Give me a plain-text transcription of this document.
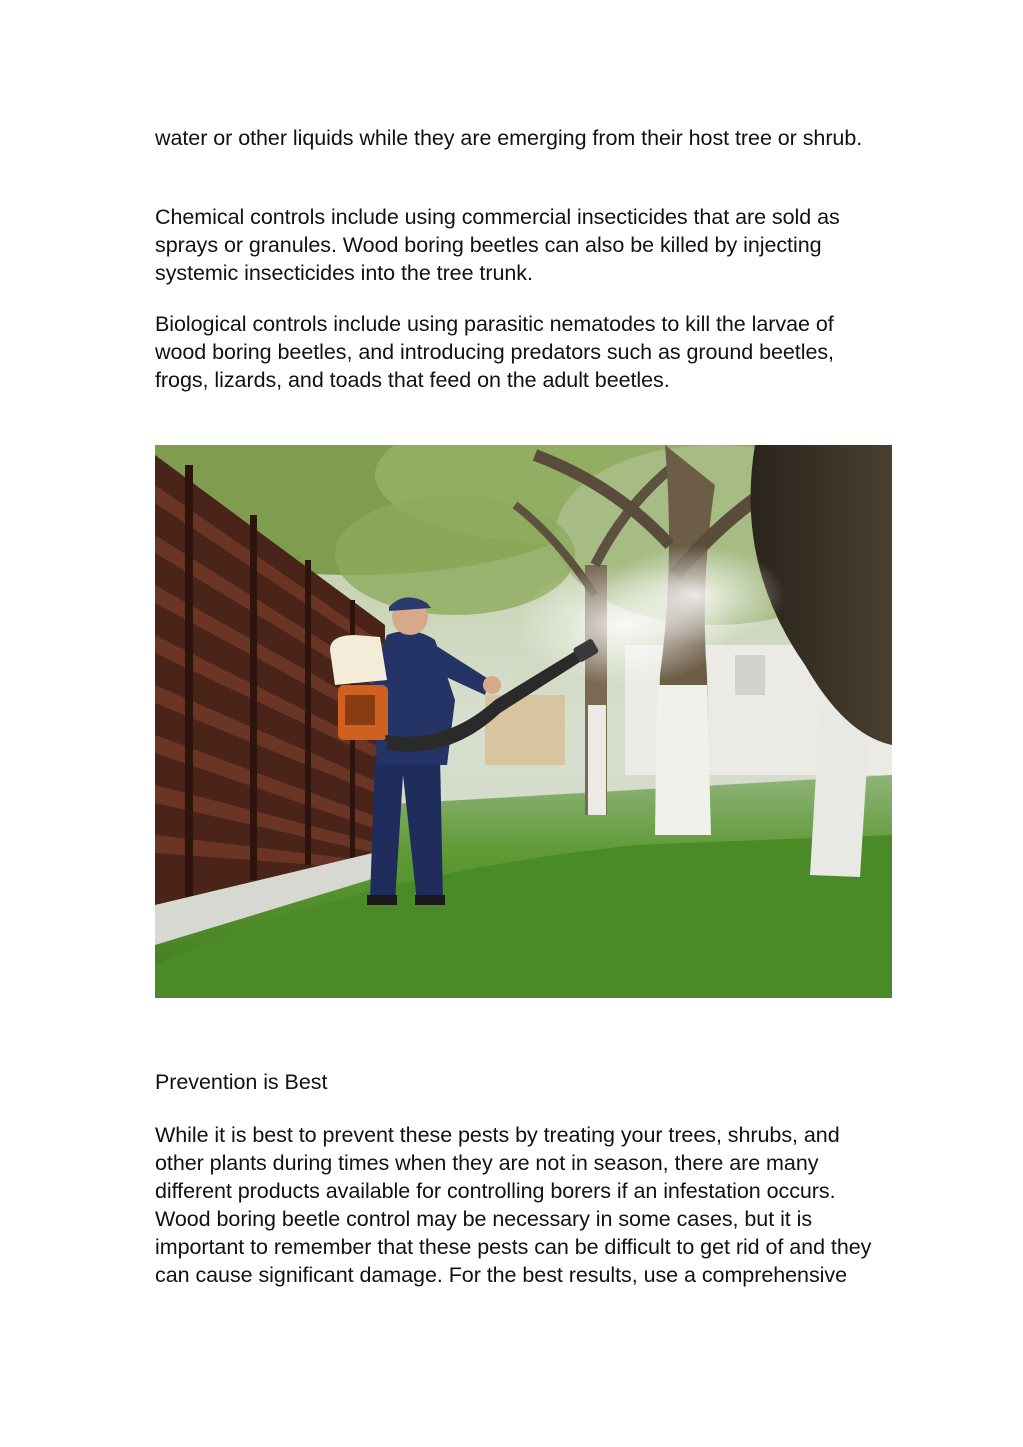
water or other liquids while they are emerging from their host tree or shrub.

Chemical controls include using commercial insecticides that are sold as sprays or granules. Wood boring beetles can also be killed by injecting systemic insecticides into the tree trunk.

Biological controls include using parasitic nematodes to kill the larvae of wood boring beetles, and introducing predators such as ground beetles, frogs, lizards, and toads that feed on the adult beetles.

Prevention is Best

While it is best to prevent these pests by treating your trees, shrubs, and other plants during times when they are not in season, there are many different products available for controlling borers if an infestation occurs. Wood boring beetle control may be necessary in some cases, but it is important to remember that these pests can be difficult to get rid of and they can cause significant damage. For the best results, use a comprehensive
